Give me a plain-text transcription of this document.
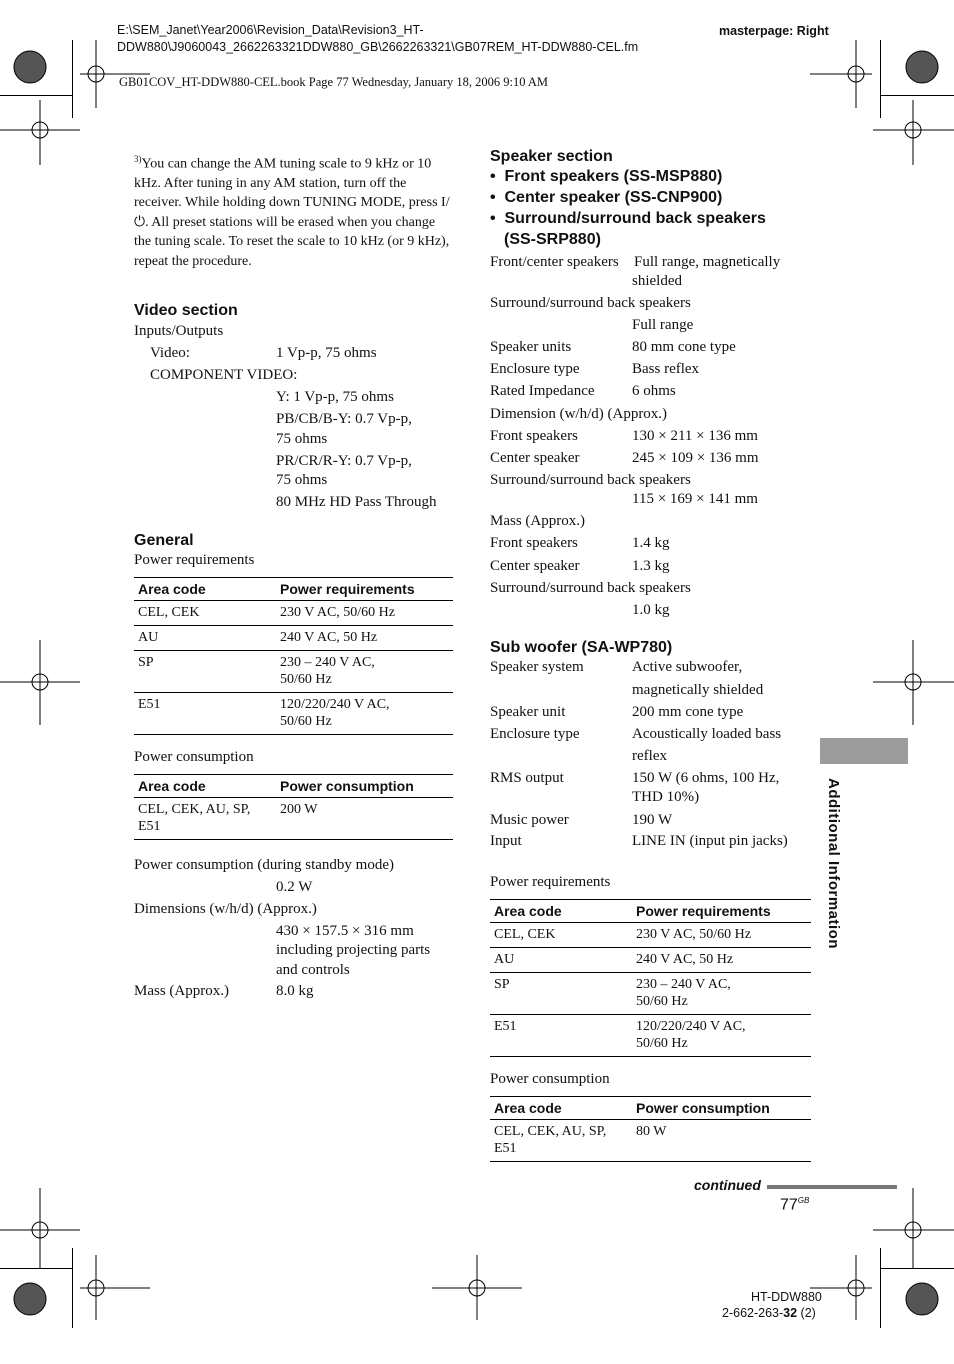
E:\SEM_Janet\Year2006\Revision_Data\Revision3_HT-
DDW880\J9060043_2662263321DDW880_GB\2662263321\GB07REM_HT-DDW880-CEL.fm
masterpage: Right
GB01COV_HT-DDW880-CEL.book Page 77 Wednesday, January 18, 2006 9:10 AM
$^{3)}$You can change the AM tuning scale to 9 kHz or 10 kHz. After tuning in any AM station, turn off the receiver. While holding down TUNING MODE, press I/⏻. All preset stations will be erased when you change the tuning scale. To reset the scale to 10 kHz (or 9 kHz), repeat the procedure.
Video section
Inputs/Outputs
Video:	1 Vp-p, 75 ohms
COMPONENT VIDEO:
Y: 1 Vp-p, 75 ohms
PB/CB/B-Y: 0.7 Vp-p,
75 ohms
PR/CR/R-Y: 0.7 Vp-p,
75 ohms
80 MHz HD Pass Through
General
Power requirements
Area code	Power requirements
CEL, CEK	230 V AC, 50/60 Hz
AU	240 V AC, 50 Hz
SP	230 – 240 V AC,
50/60 Hz
E51	120/220/240 V AC,
50/60 Hz
Power consumption
Area code	Power consumption
CEL, CEK, AU, SP,
E51	200 W
Power consumption (during standby mode)
0.2 W
Dimensions (w/h/d) (Approx.)
430 × 157.5 × 316 mm
including projecting parts
and controls
Mass (Approx.)	8.0 kg
Speaker section
•  Front speakers (SS-MSP880)
•  Center speaker (SS-CNP900)
•  Surround/surround back speakers
(SS-SRP880)
Front/center speakers Full range, magnetically
shielded
Surround/surround back speakers
Full range
Speaker units	80 mm cone type
Enclosure type	Bass reflex
Rated Impedance 6 ohms
Dimension (w/h/d) (Approx.)
Front speakers	130 × 211 × 136 mm
Center speaker	245 × 109 × 136 mm
Surround/surround back speakers
115 × 169 × 141 mm
Mass (Approx.)
Front speakers	1.4 kg
Center speaker	1.3 kg
Surround/surround back speakers
1.0 kg
Sub woofer (SA-WP780)
Speaker system	Active subwoofer,
magnetically shielded
Speaker unit	200 mm cone type
Enclosure type	Acoustically loaded bass
reflex
RMS output	150 W (6 ohms, 100 Hz,
THD 10%)
Music power	190 W
Input	LINE IN (input pin jacks)
Power requirements
Area code	Power requirements
CEL, CEK	230 V AC, 50/60 Hz
AU	240 V AC, 50 Hz
SP	230 – 240 V AC,
50/60 Hz
E51	120/220/240 V AC,
50/60 Hz
Power consumption
Area code	Power consumption
CEL, CEK, AU, SP,
E51	80 W
Additional Information
continued
$77^{GB}$
HT-DDW880
2-662-263-32 (2)
